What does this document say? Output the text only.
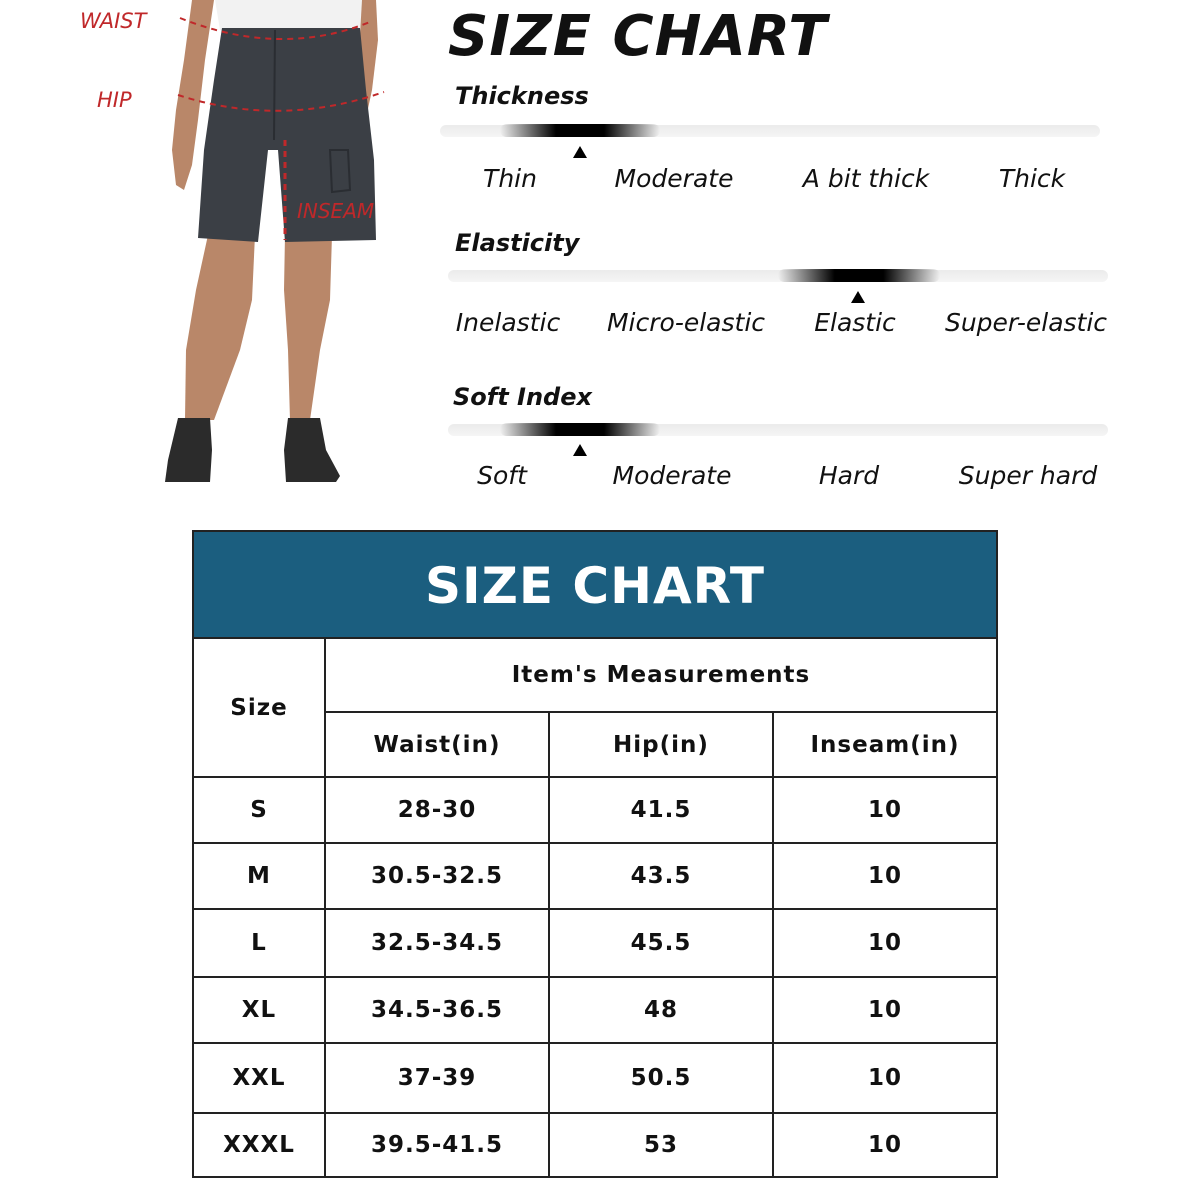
WAIST
HIP
INSEAM
SIZE CHART
Thickness
Thin	Moderate	A bit thick	Thick
Elasticity
Inelastic Micro-elastic Elastic Super-elastic
Soft Index
Soft	Moderate	Hard	Super hard
SIZE CHART
Size
Item's Measurements
Waist(in)	Hip(in)	Inseam(in)
S	28-30	41.5	10
M	30.5-32.5	43.5	10
L	32.5-34.5	45.5	10
XL	34.5-36.5	48	10
XXL	37-39	50.5	10
XXXL	39.5-41.5	53	10
